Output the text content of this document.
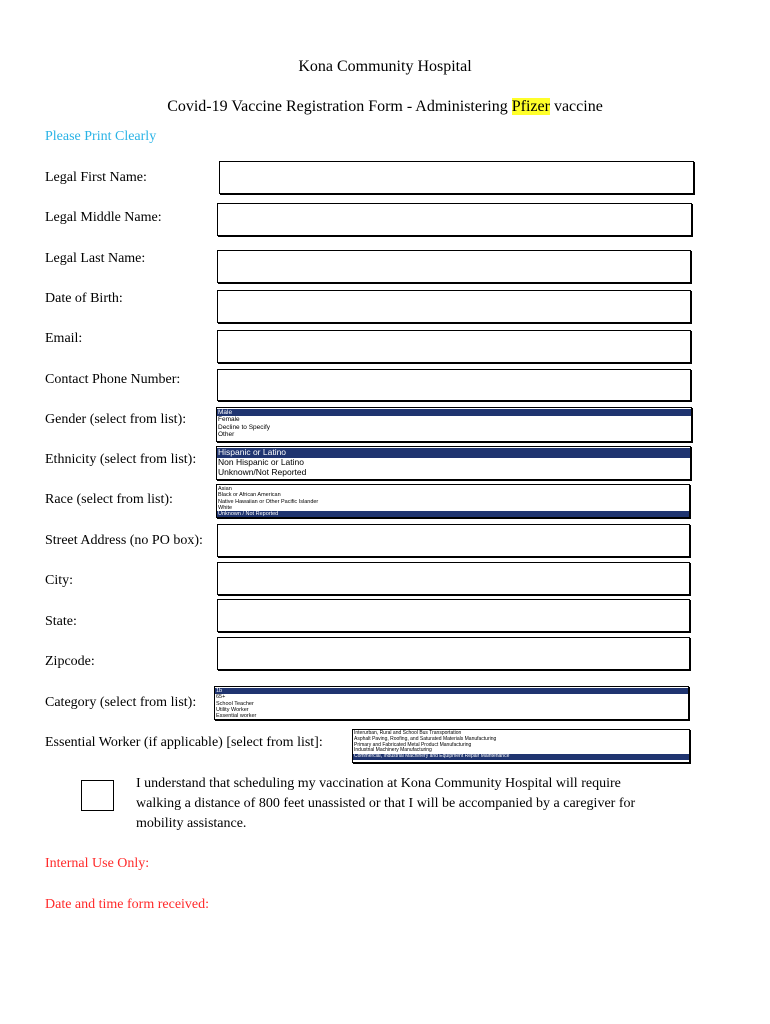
Kona Community Hospital
Covid-19 Vaccine Registration Form - Administering Pfizer vaccine
Please Print Clearly
Legal First Name:
Legal Middle Name:
Legal Last Name:
Date of Birth:
Email:
Contact Phone Number:
Gender (select from list):	Male
Female
Decline to Specify
Other
Ethnicity (select from list):	Hispanic or Latino
Non Hispanic or Latino
Unknown/Not Reported
Race (select from list):
Asian
Black or African American
Native Hawaiian or Other Pacific Islander
White
Unknown / Not Reported
Street Address (no PO box):
City:
State:
Zipcode:
Category (select from list):
1b
65+
School Teacher
Utility Worker
Essential worker
Essential Worker (if applicable) [select from list]:
Interurban, Rural and School Bus Transportation
Asphalt Paving, Roofing, and Saturated Materials Manufacturing
Primary and Fabricated Metal Product Manufacturing
Industrial Machinery Manufacturing
Commercial, Industrial Machinery and Equipment Repair Maintenance
I understand that scheduling my vaccination at Kona Community Hospital will require walking a distance of 800 feet unassisted or that I will be accompanied by a caregiver for mobility assistance.
Internal Use Only:
Date and time form received:
